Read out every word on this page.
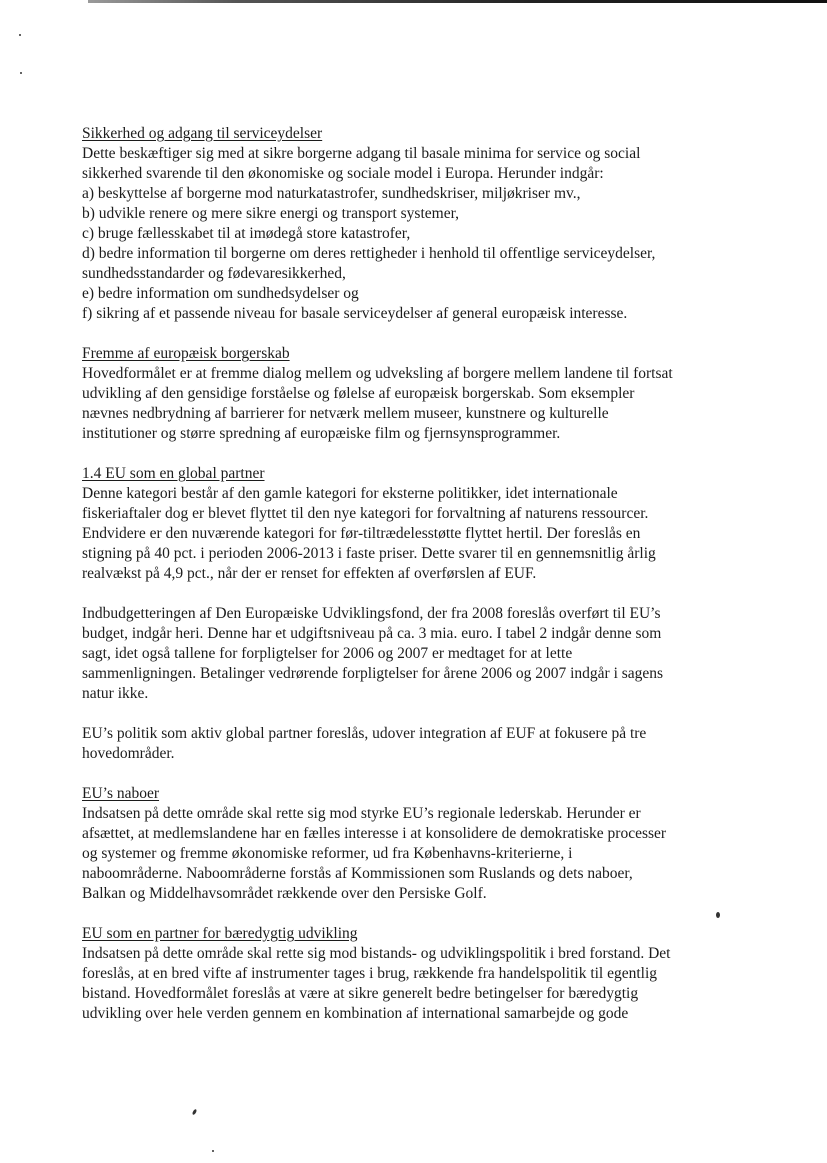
Sikkerhed og adgang til serviceydelser

Dette beskæftiger sig med at sikre borgerne adgang til basale minima for service og social

sikkerhed svarende til den økonomiske og sociale model i Europa. Herunder indgår:

a) beskyttelse af borgerne mod naturkatastrofer, sundhedskriser, miljøkriser mv.,

b) udvikle renere og mere sikre energi og transport systemer,

c) bruge fællesskabet til at imødegå store katastrofer,

d) bedre information til borgerne om deres rettigheder i henhold til offentlige serviceydelser,

sundhedsstandarder og fødevaresikkerhed,

e) bedre information om sundhedsydelser og

f) sikring af et passende niveau for basale serviceydelser af general europæisk interesse.

Fremme af europæisk borgerskab

Hovedformålet er at fremme dialog mellem og udveksling af borgere mellem landene til fortsat

udvikling af den gensidige forståelse og følelse af europæisk borgerskab. Som eksempler

nævnes nedbrydning af barrierer for netværk mellem museer, kunstnere og kulturelle

institutioner og større spredning af europæiske film og fjernsynsprogrammer.

1.4 EU som en global partner

Denne kategori består af den gamle kategori for eksterne politikker, idet internationale

fiskeriaftaler dog er blevet flyttet til den nye kategori for forvaltning af naturens ressourcer.

Endvidere er den nuværende kategori for før-tiltrædelesstøtte flyttet hertil. Der foreslås en

stigning på 40 pct. i perioden 2006-2013 i faste priser. Dette svarer til en gennemsnitlig årlig

realvækst på 4,9 pct., når der er renset for effekten af overførslen af EUF.

Indbudgetteringen af Den Europæiske Udviklingsfond, der fra 2008 foreslås overført til EU’s

budget, indgår heri. Denne har et udgiftsniveau på ca. 3 mia. euro. I tabel 2 indgår denne som

sagt, idet også tallene for forpligtelser for 2006 og 2007 er medtaget for at lette

sammenligningen. Betalinger vedrørende forpligtelser for årene 2006 og 2007 indgår i sagens

natur ikke.

EU’s politik som aktiv global partner foreslås, udover integration af EUF at fokusere på tre

hovedområder.

EU’s naboer

Indsatsen på dette område skal rette sig mod styrke EU’s regionale lederskab. Herunder er

afsættet, at medlemslandene har en fælles interesse i at konsolidere de demokratiske processer

og systemer og fremme økonomiske reformer, ud fra Københavns-kriterierne, i

naboområderne. Naboområderne forstås af Kommissionen som Ruslands og dets naboer,

Balkan og Middelhavsområdet rækkende over den Persiske Golf.

EU som en partner for bæredygtig udvikling

Indsatsen på dette område skal rette sig mod bistands- og udviklingspolitik i bred forstand. Det

foreslås, at en bred vifte af instrumenter tages i brug, rækkende fra handelspolitik til egentlig

bistand. Hovedformålet foreslås at være at sikre generelt bedre betingelser for bæredygtig

udvikling over hele verden gennem en kombination af international samarbejde og gode
